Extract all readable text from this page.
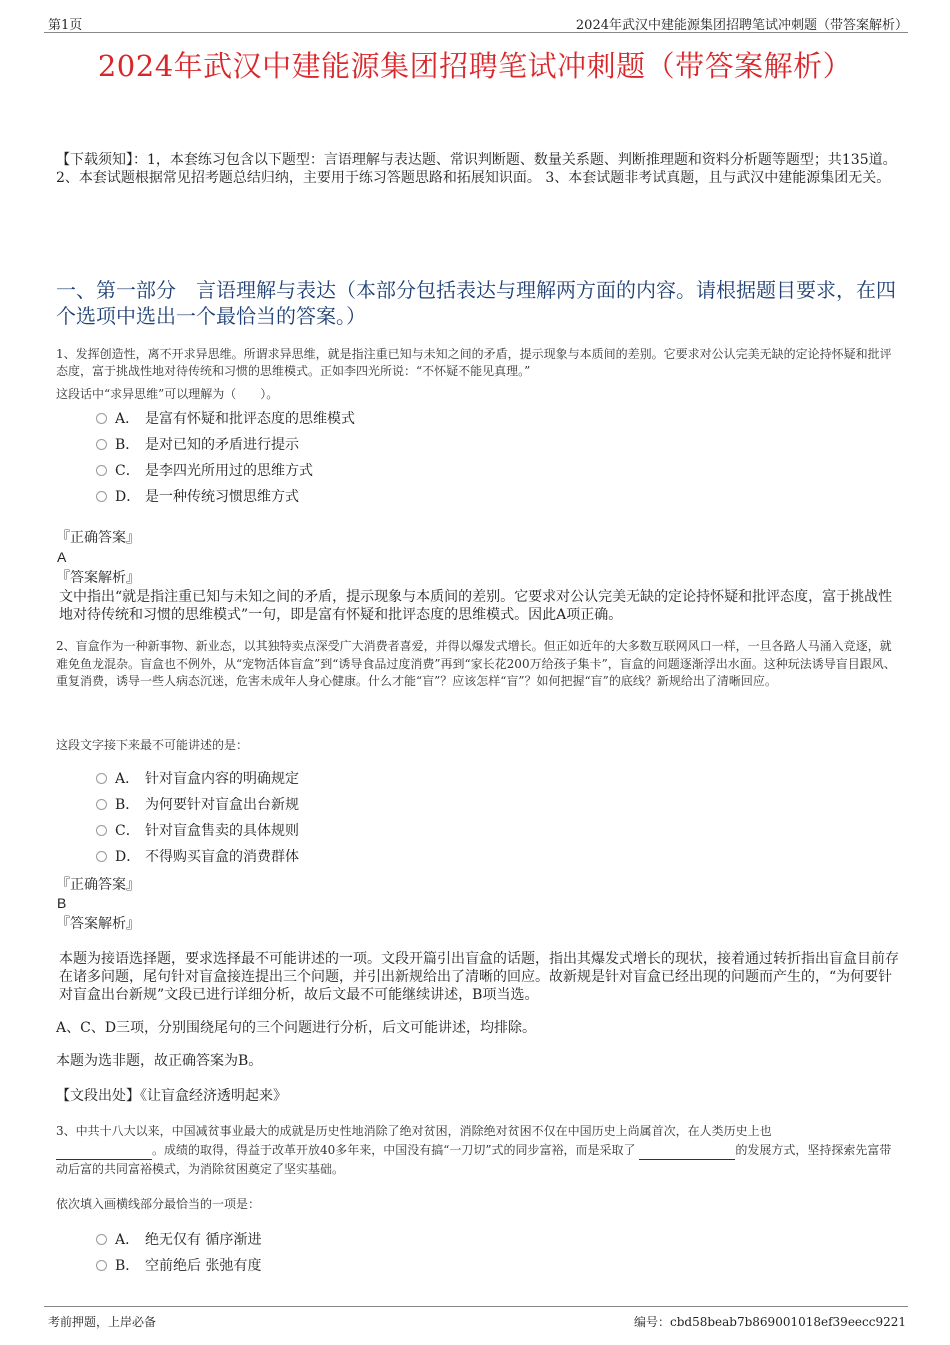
第1页	2024年武汉中建能源集团招聘笔试冲刺题（带答案解析）
2024年武汉中建能源集团招聘笔试冲刺题（带答案解析）
【下载须知】：1，本套练习包含以下题型：言语理解与表达题、常识判断题、数量关系题、判断推理题和资料分析题等题型；共135道。 2、本套试题根据常见招考题总结归纳，主要用于练习答题思路和拓展知识面。 3、本套试题非考试真题，且与武汉中建能源集团无关。
一、第一部分　言语理解与表达（本部分包括表达与理解两方面的内容。请根据题目要求，在四个选项中选出一个最恰当的答案。）
1、发挥创造性，离不开求异思维。所谓求异思维，就是指注重已知与未知之间的矛盾，提示现象与本质间的差别。它要求对公认完美无缺的定论持怀疑和批评态度，富于挑战性地对待传统和习惯的思维模式。正如李四光所说：“不怀疑不能见真理。”
这段话中“求异思维”可以理解为（　　）。
A． 是富有怀疑和批评态度的思维模式
B． 是对已知的矛盾进行提示
C． 是李四光所用过的思维方式
D． 是一种传统习惯思维方式
『正确答案』
A
『答案解析』
文中指出“就是指注重已知与未知之间的矛盾，提示现象与本质间的差别。它要求对公认完美无缺的定论持怀疑和批评态度，富于挑战性地对待传统和习惯的思维模式”一句，即是富有怀疑和批评态度的思维模式。因此A项正确。
2、盲盒作为一种新事物、新业态，以其独特卖点深受广大消费者喜爱，并得以爆发式增长。但正如近年的大多数互联网风口一样，一旦各路人马涌入竞逐，就难免鱼龙混杂。盲盒也不例外，从“宠物活体盲盒”到“诱导食品过度消费”再到“家长花200万给孩子集卡”，盲盒的问题逐渐浮出水面。这种玩法诱导盲目跟风、重复消费，诱导一些人病态沉迷，危害未成年人身心健康。什么才能“盲”？应该怎样“盲”？如何把握“盲”的底线？新规给出了清晰回应。
这段文字接下来最不可能讲述的是：
A． 针对盲盒内容的明确规定
B． 为何要针对盲盒出台新规
C． 针对盲盒售卖的具体规则
D． 不得购买盲盒的消费群体
『正确答案』
B
『答案解析』
本题为接语选择题，要求选择最不可能讲述的一项。文段开篇引出盲盒的话题，指出其爆发式增长的现状，接着通过转折指出盲盒目前存在诸多问题，尾句针对盲盒接连提出三个问题，并引出新规给出了清晰的回应。故新规是针对盲盒已经出现的问题而产生的，“为何要针对盲盒出台新规”文段已进行详细分析，故后文最不可能继续讲述，B项当选。
A、C、D三项，分别围绕尾句的三个问题进行分析，后文可能讲述，均排除。
本题为选非题，故正确答案为B。
【文段出处】《让盲盒经济透明起来》
3、中共十八大以来，中国减贫事业最大的成就是历史性地消除了绝对贫困，消除绝对贫困不仅在中国历史上尚属首次，在人类历史上也
。成绩的取得，得益于改革开放40多年来，中国没有搞“一刀切”式的同步富裕，而是采取了	的发展方式，坚持探索先富带动后富的共同富裕模式，为消除贫困奠定了坚实基础。
依次填入画横线部分最恰当的一项是：
A． 绝无仅有 循序渐进
B． 空前绝后 张弛有度
考前押题，上岸必备	编号：cbd58beab7b869001018ef39eecc9221
